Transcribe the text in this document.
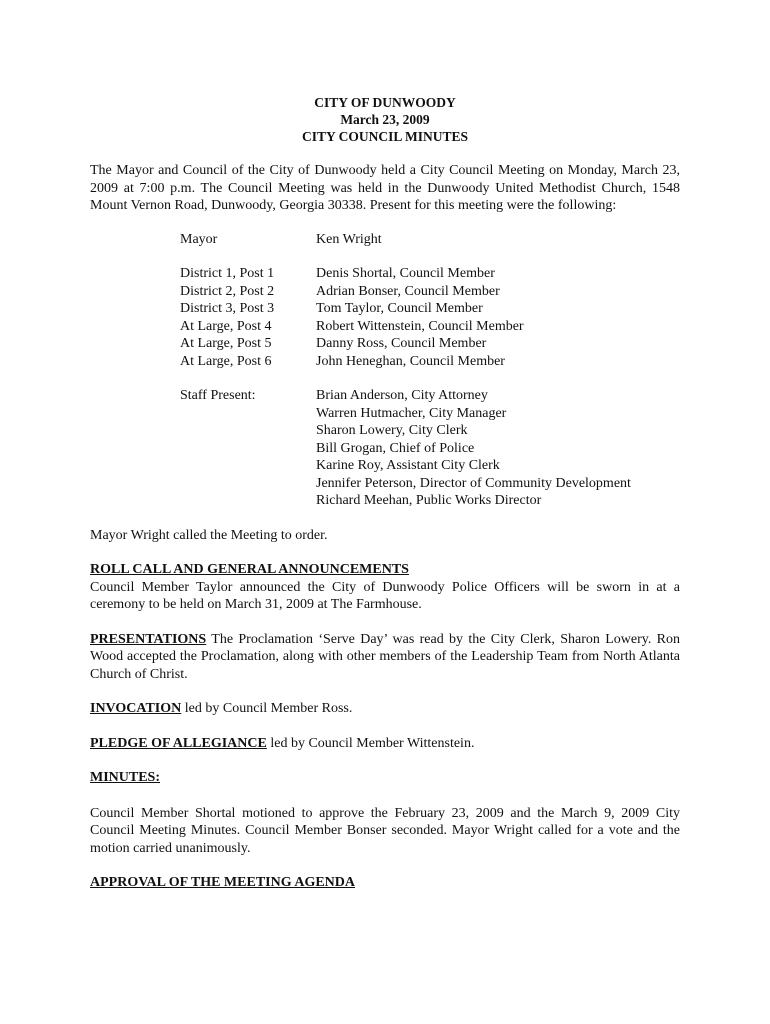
CITY OF DUNWOODY
March 23, 2009
CITY COUNCIL MINUTES

The Mayor and Council of the City of Dunwoody held a City Council Meeting on Monday, March 23, 2009 at 7:00 p.m. The Council Meeting was held in the Dunwoody United Methodist Church, 1548 Mount Vernon Road, Dunwoody, Georgia 30338. Present for this meeting were the following:

Mayor	Ken Wright
District 1, Post 1	Denis Shortal, Council Member
District 2, Post 2	Adrian Bonser, Council Member
District 3, Post 3	Tom Taylor, Council Member
At Large, Post 4	Robert Wittenstein, Council Member
At Large, Post 5	Danny Ross, Council Member
At Large, Post 6	John Heneghan, Council Member
Staff Present:	Brian Anderson, City Attorney
Warren Hutmacher, City Manager
Sharon Lowery, City Clerk
Bill Grogan, Chief of Police
Karine Roy, Assistant City Clerk
Jennifer Peterson, Director of Community Development
Richard Meehan, Public Works Director

Mayor Wright called the Meeting to order.

ROLL CALL AND GENERAL ANNOUNCEMENTS

Council Member Taylor announced the City of Dunwoody Police Officers will be sworn in at a ceremony to be held on March 31, 2009 at The Farmhouse.

PRESENTATIONS The Proclamation ‘Serve Day’ was read by the City Clerk, Sharon Lowery. Ron Wood accepted the Proclamation, along with other members of the Leadership Team from North Atlanta Church of Christ.

INVOCATION led by Council Member Ross.

PLEDGE OF ALLEGIANCE led by Council Member Wittenstein.

MINUTES:

Council Member Shortal motioned to approve the February 23, 2009 and the March 9, 2009 City Council Meeting Minutes. Council Member Bonser seconded. Mayor Wright called for a vote and the motion carried unanimously.

APPROVAL OF THE MEETING AGENDA
